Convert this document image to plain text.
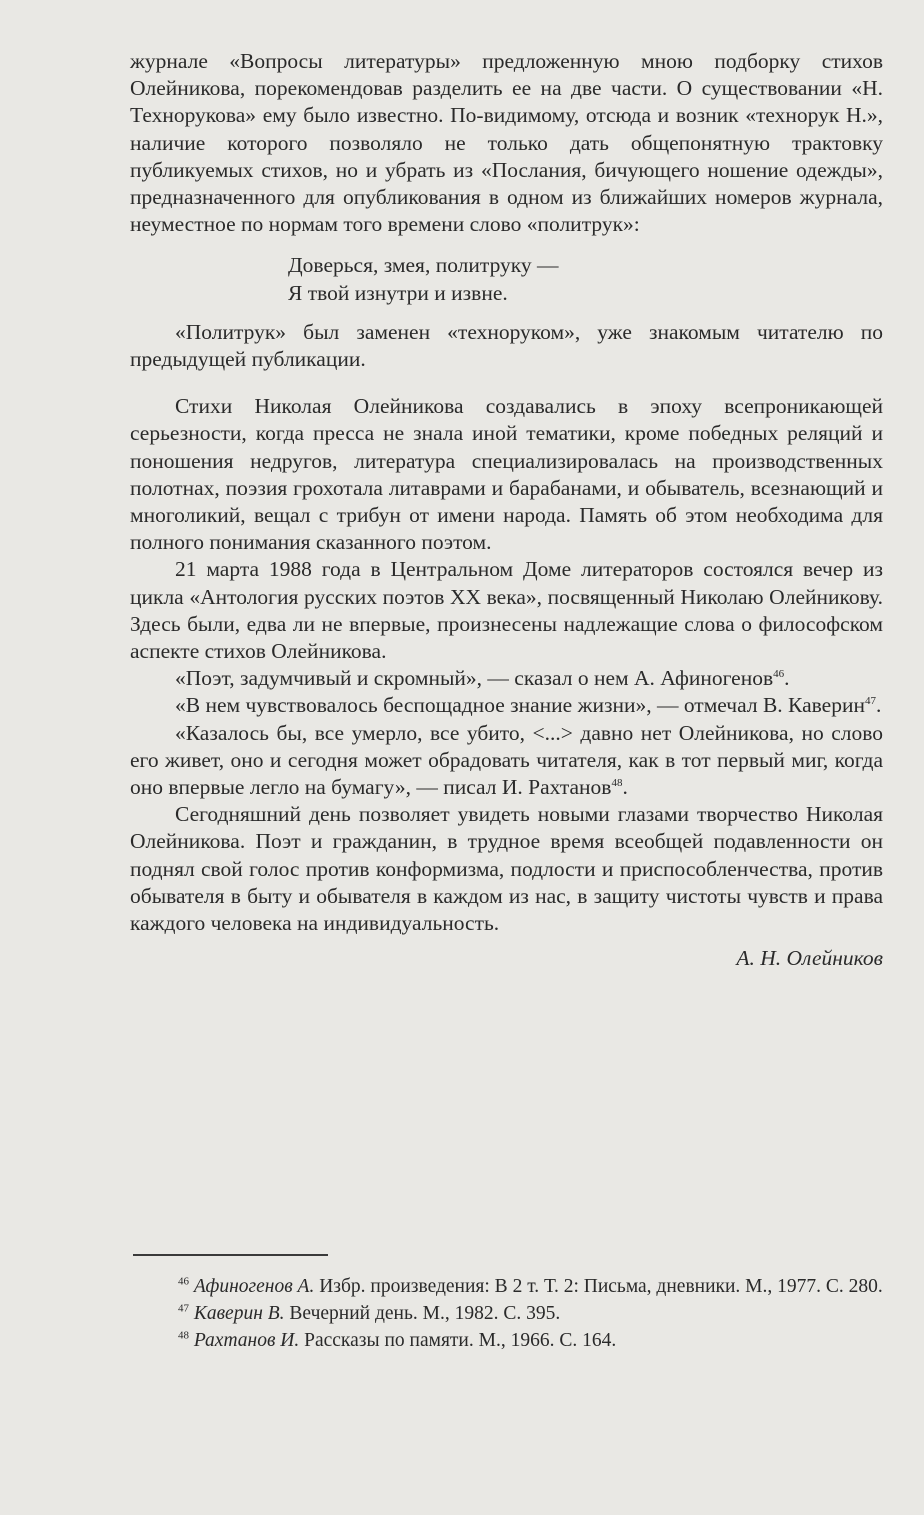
журнале «Вопросы литературы» предложенную мною подборку стихов Олейникова, порекомендовав разделить ее на две части. О существовании «Н. Технорукова» ему было известно. По-видимому, отсюда и возник «технорук Н.», наличие которого позволяло не только дать общепонятную трактовку публикуемых стихов, но и убрать из «Послания, бичующего ношение одежды», предназначенного для опубликования в одном из ближайших номеров журнала, неуместное по нормам того времени слово «политрук»:

Доверься, змея, политруку —
Я твой изнутри и извне.

«Политрук» был заменен «техноруком», уже знакомым читателю по предыдущей публикации.

Стихи Николая Олейникова создавались в эпоху всепроникающей серьезности, когда пресса не знала иной тематики, кроме победных реляций и поношения недругов, литература специализировалась на производственных полотнах, поэзия грохотала литаврами и барабанами, и обыватель, всезнающий и многоликий, вещал с трибун от имени народа. Память об этом необходима для полного понимания сказанного поэтом.

21 марта 1988 года в Центральном Доме литераторов состоялся вечер из цикла «Антология русских поэтов XX века», посвященный Николаю Олейникову. Здесь были, едва ли не впервые, произнесены надлежащие слова о философском аспекте стихов Олейникова.

«Поэт, задумчивый и скромный», — сказал о нем А. Афиногенов$^{46}$.

«В нем чувствовалось беспощадное знание жизни», — отмечал В. Каверин$^{47}$.

«Казалось бы, все умерло, все убито, <...> давно нет Олейникова, но слово его живет, оно и сегодня может обрадовать читателя, как в тот первый миг, когда оно впервые легло на бумагу», — писал И. Рахтанов$^{48}$.

Сегодняшний день позволяет увидеть новыми глазами творчество Николая Олейникова. Поэт и гражданин, в трудное время всеобщей подавленности он поднял свой голос против конформизма, подлости и приспособленчества, против обывателя в быту и обывателя в каждом из нас, в защиту чистоты чувств и права каждого человека на индивидуальность.

А. Н. Олейников

$^{46}$ Афиногенов А. Избр. произведения: В 2 т. Т. 2: Письма, дневники. М., 1977. С. 280.

$^{47}$ Каверин В. Вечерний день. М., 1982. С. 395.

$^{48}$ Рахтанов И. Рассказы по памяти. М., 1966. С. 164.
